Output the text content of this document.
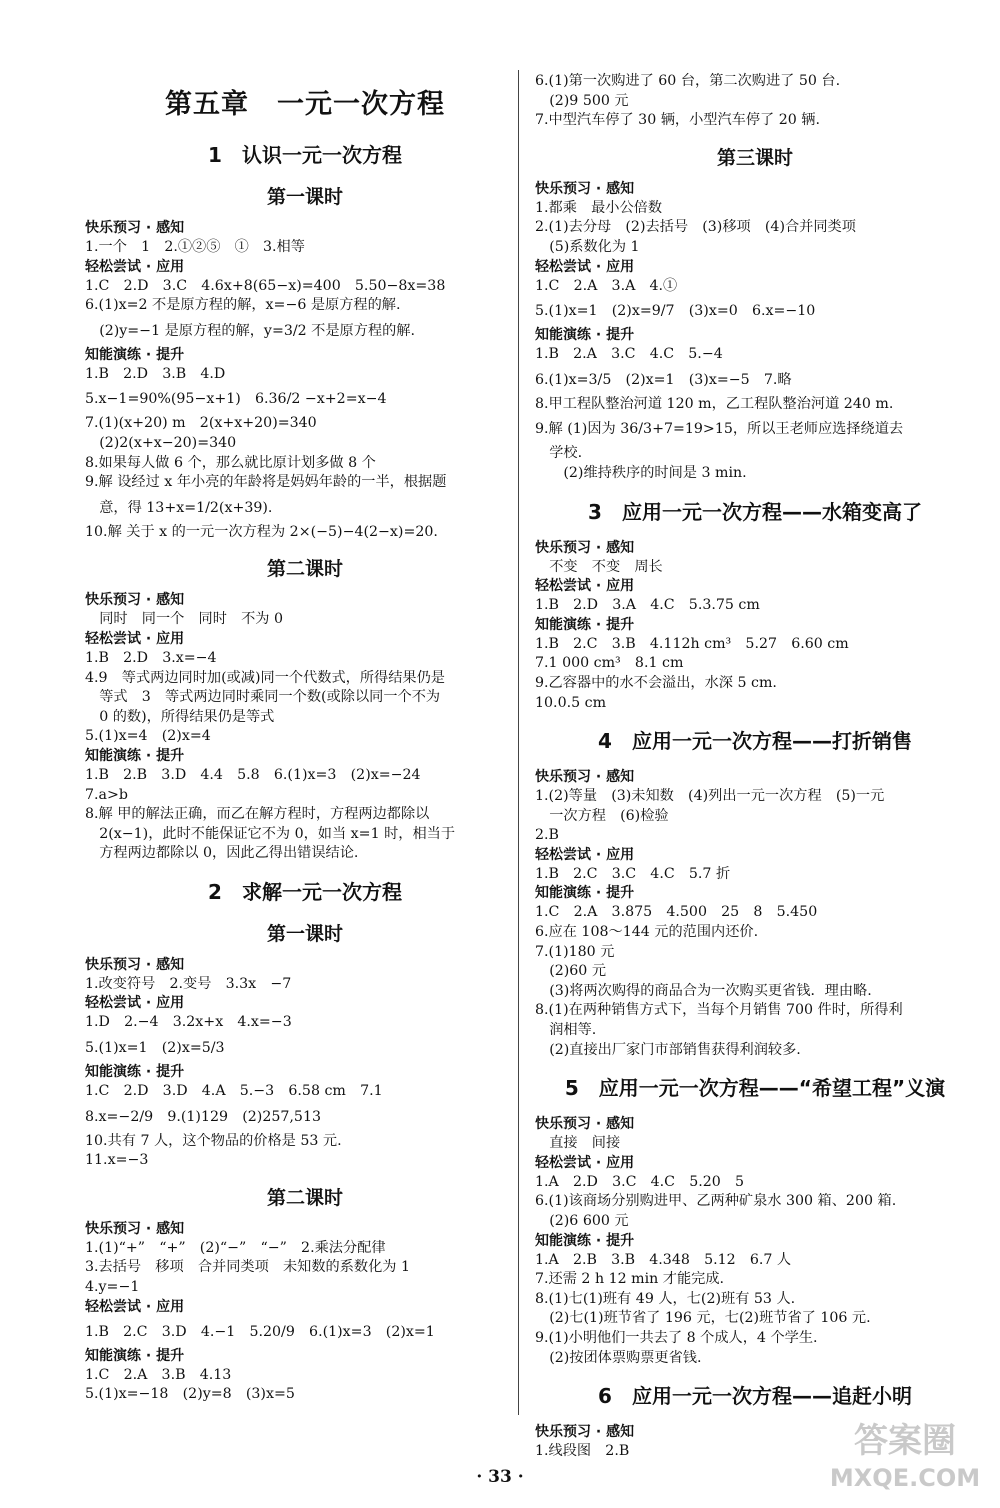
第五章　一元一次方程
1　认识一元一次方程
第一课时
快乐预习 · 感知
1.一个　1　2.①②⑤　①　3.相等
轻松尝试 · 应用
1.C　2.D　3.C　4.6x+8(65−x)=400　5.50−8x=38
6.(1)x=2 不是原方程的解，x=−6 是原方程的解.
　(2)y=−1 是原方程的解，y=3/2 不是原方程的解.
知能演练 · 提升
1.B　2.D　3.B　4.D
5.x−1=90%(95−x+1)　6.36/2 −x+2=x−4
7.(1)(x+20) m　2(x+x+20)=340
　(2)2(x+x−20)=340
8.如果每人做 6 个，那么就比原计划多做 8 个
9.解 设经过 x 年小亮的年龄将是妈妈年龄的一半，根据题
　意，得 13+x=1/2(x+39).
10.解 关于 x 的一元一次方程为 2×(−5)−4(2−x)=20.
第二课时
快乐预习 · 感知
　同时　同一个　同时　不为 0
轻松尝试 · 应用
1.B　2.D　3.x=−4
4.9　等式两边同时加(或减)同一个代数式，所得结果仍是
　等式　3　等式两边同时乘同一个数(或除以同一个不为
　0 的数)，所得结果仍是等式
5.(1)x=4　(2)x=4
知能演练 · 提升
1.B　2.B　3.D　4.4　5.8　6.(1)x=3　(2)x=−24
7.a>b
8.解 甲的解法正确，而乙在解方程时，方程两边都除以
　2(x−1)，此时不能保证它不为 0，如当 x=1 时，相当于
　方程两边都除以 0，因此乙得出错误结论.
2　求解一元一次方程
第一课时
快乐预习 · 感知
1.改变符号　2.变号　3.3x　−7
轻松尝试 · 应用
1.D　2.−4　3.2x+x　4.x=−3
5.(1)x=1　(2)x=5/3
知能演练 · 提升
1.C　2.D　3.D　4.A　5.−3　6.58 cm　7.1
8.x=−2/9　9.(1)129　(2)257,513
10.共有 7 人，这个物品的价格是 53 元.
11.x=−3
第二课时
快乐预习 · 感知
1.(1)“+”　“+”　(2)“−”　“−”　2.乘法分配律
3.去括号　移项　合并同类项　未知数的系数化为 1
4.y=−1
轻松尝试 · 应用
1.B　2.C　3.D　4.−1　5.20/9　6.(1)x=3　(2)x=1
知能演练 · 提升
1.C　2.A　3.B　4.13
5.(1)x=−18　(2)y=8　(3)x=5
6.(1)第一次购进了 60 台，第二次购进了 50 台.
　(2)9 500 元
7.中型汽车停了 30 辆，小型汽车停了 20 辆.
第三课时
快乐预习 · 感知
1.都乘　最小公倍数
2.(1)去分母　(2)去括号　(3)移项　(4)合并同类项
　(5)系数化为 1
轻松尝试 · 应用
1.C　2.A　3.A　4.①
5.(1)x=1　(2)x=9/7　(3)x=0　6.x=−10
知能演练 · 提升
1.B　2.A　3.C　4.C　5.−4
6.(1)x=3/5　(2)x=1　(3)x=−5　7.略
8.甲工程队整治河道 120 m，乙工程队整治河道 240 m.
9.解 (1)因为 36/3+7=19>15，所以王老师应选择绕道去
　学校.
　　(2)维持秩序的时间是 3 min.
3　应用一元一次方程——水箱变高了
快乐预习 · 感知
　不变　不变　周长
轻松尝试 · 应用
1.B　2.D　3.A　4.C　5.3.75 cm
知能演练 · 提升
1.B　2.C　3.B　4.112h cm³　5.27　6.60 cm
7.1 000 cm³　8.1 cm
9.乙容器中的水不会溢出，水深 5 cm.
10.0.5 cm
4　应用一元一次方程——打折销售
快乐预习 · 感知
1.(2)等量　(3)未知数　(4)列出一元一次方程　(5)一元
　一次方程　(6)检验
2.B
轻松尝试 · 应用
1.B　2.C　3.C　4.C　5.7 折
知能演练 · 提升
1.C　2.A　3.875　4.500　25　8　5.450
6.应在 108～144 元的范围内还价.
7.(1)180 元
　(2)60 元
　(3)将两次购得的商品合为一次购买更省钱．理由略.
8.(1)在两种销售方式下，当每个月销售 700 件时，所得利
　润相等.
　(2)直接出厂家门市部销售获得利润较多.
5　应用一元一次方程——“希望工程”义演
快乐预习 · 感知
　直接　间接
轻松尝试 · 应用
1.A　2.D　3.C　4.C　5.20　5
6.(1)该商场分别购进甲、乙两种矿泉水 300 箱、200 箱.
　(2)6 600 元
知能演练 · 提升
1.A　2.B　3.B　4.348　5.12　6.7 人
7.还需 2 h 12 min 才能完成.
8.(1)七(1)班有 49 人，七(2)班有 53 人.
　(2)七(1)班节省了 196 元，七(2)班节省了 106 元.
9.(1)小明他们一共去了 8 个成人，4 个学生.
　(2)按团体票购票更省钱.
6　应用一元一次方程——追赶小明
快乐预习 · 感知
1.线段图　2.B
· 33 ·
答案圈
MXQE.COM
